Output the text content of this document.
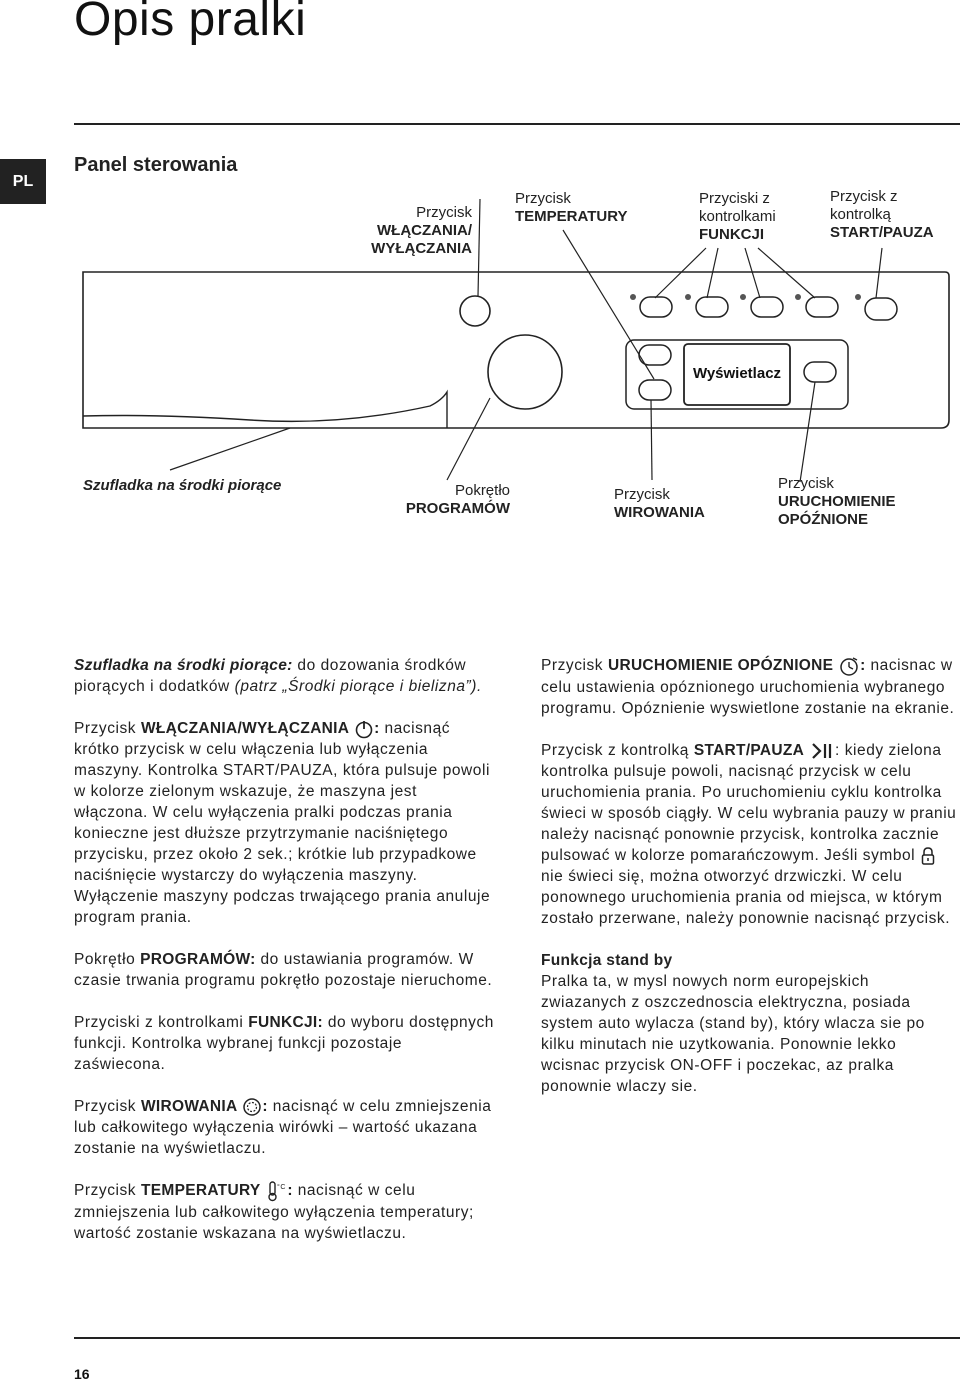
Opis pralki
PL
Panel sterowania
Przycisk
WŁĄCZANIA/
WYŁĄCZANIA
Przycisk
TEMPERATURY
Przyciski z
kontrolkami
FUNKCJI
Przycisk z
kontrolką
START/PAUZA
Wyświetlacz
Szufladka na środki piorące	Pokrętło
PROGRAMÓW
Przycisk
WIROWANIA
Przycisk
URUCHOMIENIE
OPÓŹNIONE

Szufladka na środki piorące: do dozowania środków piorących i dodatków (patrz „Środki piorące i bielizna”).

Przycisk WŁĄCZANIA/WYŁĄCZANIA : nacisnąć krótko przycisk w celu włączenia lub wyłączenia maszyny. Kontrolka START/PAUZA, która pulsuje powoli w kolorze zielonym wskazuje, że maszyna jest włączona. W celu wyłączenia pralki podczas prania konieczne jest dłuższe przytrzymanie naciśniętego przycisku, przez około 2 sek.; krótkie lub przypadkowe naciśnięcie wystarczy do wyłączenia maszyny. Wyłączenie maszyny podczas trwającego prania anuluje program prania.

Pokrętło PROGRAMÓW: do ustawiania programów. W czasie trwania programu pokrętło pozostaje nieruchome.

Przyciski z kontrolkami FUNKCJI: do wyboru dostępnych funkcji. Kontrolka wybranej funkcji pozostaje zaświecona.

Przycisk WIROWANIA : nacisnąć w celu zmniejszenia lub całkowitego wyłączenia wirówki – wartość ukazana zostanie na wyświetlaczu.

Przycisk TEMPERATURY °C : nacisnąć w celu zmniejszenia lub całkowitego wyłączenia temperatury; wartość zostanie wskazana na wyświetlaczu.

Przycisk URUCHOMIENIE OPÓZNIONE : nacisnac w celu ustawienia opóznionego uruchomienia wybranego programu. Opóznienie wyswietlone zostanie na ekranie.

Przycisk z kontrolką START/PAUZA : kiedy zielona kontrolka pulsuje powoli, nacisnąć przycisk w celu uruchomienia prania. Po uruchomieniu cyklu kontrolka świeci w sposób ciągły. W celu wybrania pauzy w praniu należy nacisnąć ponownie przycisk, kontrolka zacznie pulsować w kolorze pomarańczowym. Jeśli symbol  nie świeci się, można otworzyć drzwiczki. W celu ponownego uruchomienia prania od miejsca, w którym zostało przerwane, należy ponownie nacisnąć przycisk.

Funkcja stand by
Pralka ta, w mysl nowych norm europejskich zwiazanych z oszczednoscia elektryczna, posiada system auto wylacza (stand by), który wlacza sie po kilku minutach nie uzytkowania. Ponownie lekko wcisnac przycisk ON-OFF i poczekac, az pralka ponownie wlaczy sie.

16
